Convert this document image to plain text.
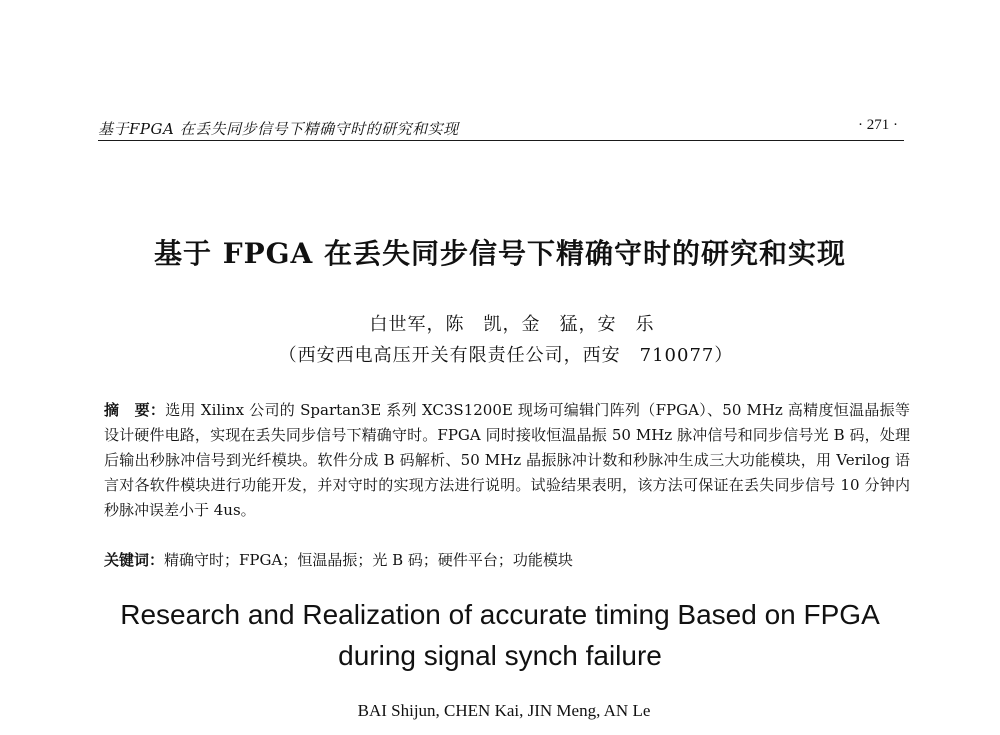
基于FPGA 在丢失同步信号下精确守时的研究和实现	· 271 ·
基于 FPGA 在丢失同步信号下精确守时的研究和实现
白世军，陈　凯，金　猛，安　乐
（西安西电高压开关有限责任公司，西安　710077）

摘　要：选用 Xilinx 公司的 Spartan3E 系列 XC3S1200E 现场可编辑门阵列（FPGA）、50 MHz 高精度恒温晶振等设计硬件电路，实现在丢失同步信号下精确守时。FPGA 同时接收恒温晶振 50 MHz 脉冲信号和同步信号光 B 码，处理后输出秒脉冲信号到光纤模块。软件分成 B 码解析、50 MHz 晶振脉冲计数和秒脉冲生成三大功能模块，用 Verilog 语言对各软件模块进行功能开发，并对守时的实现方法进行说明。试验结果表明，该方法可保证在丢失同步信号 10 分钟内秒脉冲误差小于 4us。

关键词：精确守时；FPGA；恒温晶振；光 B 码；硬件平台；功能模块

Research and Realization of accurate timing Based on FPGA
during signal synch failure
BAI Shijun, CHEN Kai, JIN Meng, AN Le
